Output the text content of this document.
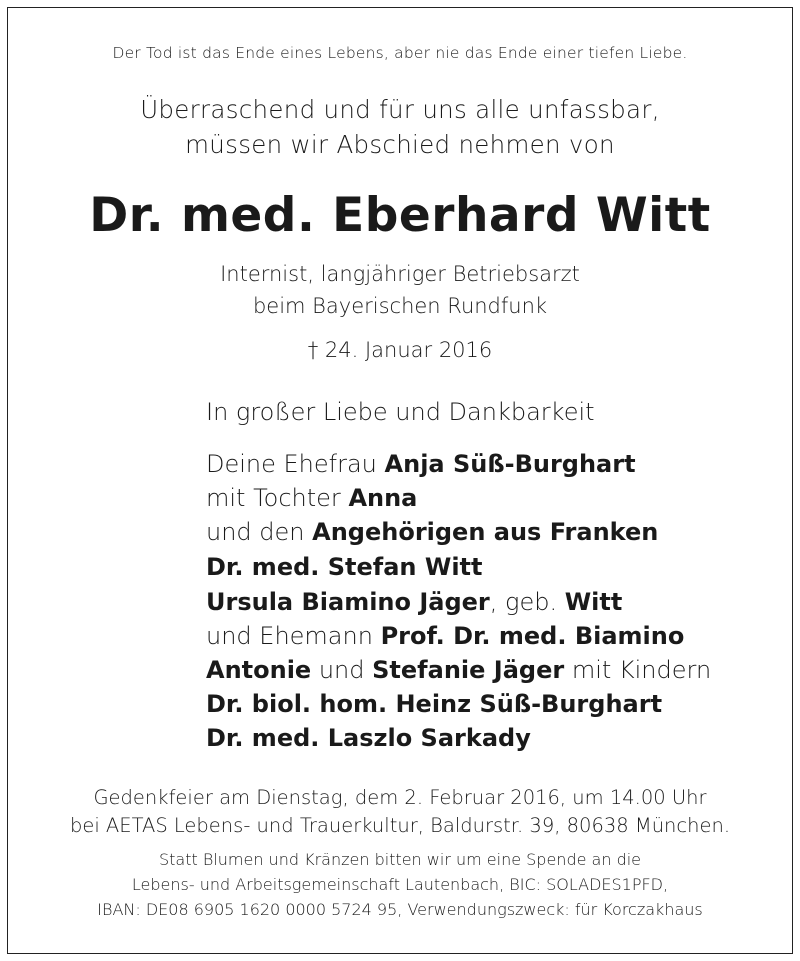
Der Tod ist das Ende eines Lebens, aber nie das Ende einer tiefen Liebe.
Überraschend und für uns alle unfassbar,
müssen wir Abschied nehmen von
Dr. med. Eberhard Witt
Internist, langjähriger Betriebsarzt
beim Bayerischen Rundfunk
† 24. Januar 2016
In großer Liebe und Dankbarkeit
Deine Ehefrau Anja Süß-Burghart
mit Tochter Anna
und den Angehörigen aus Franken
Dr. med. Stefan Witt
Ursula Biamino Jäger, geb. Witt
und Ehemann Prof. Dr. med. Biamino
Antonie und Stefanie Jäger mit Kindern
Dr. biol. hom. Heinz Süß-Burghart
Dr. med. Laszlo Sarkady
Gedenkfeier am Dienstag, dem 2. Februar 2016, um 14.00 Uhr
bei AETAS Lebens- und Trauerkultur, Baldurstr. 39, 80638 München.
Statt Blumen und Kränzen bitten wir um eine Spende an die
Lebens- und Arbeitsgemeinschaft Lautenbach, BIC: SOLADES1PFD,
IBAN: DE08 6905 1620 0000 5724 95, Verwendungszweck: für Korczakhaus
